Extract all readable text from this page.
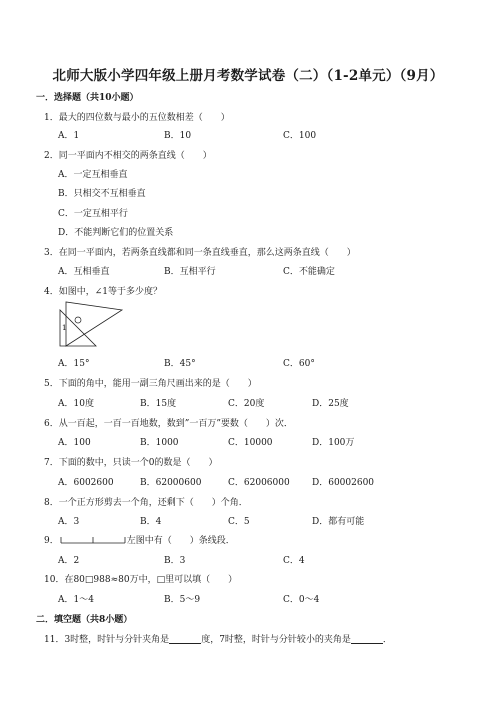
北师大版小学四年级上册月考数学试卷（二）（1-2单元）（9月）
一．选择题（共10小题）
1．最大的四位数与最小的五位数相差（　　）
A．1	B．10	C．100
2．同一平面内不相交的两条直线（　　）
A．一定互相垂直
B．只相交不互相垂直
C．一定互相平行
D．不能判断它们的位置关系
3．在同一平面内，若两条直线都和同一条直线垂直，那么这两条直线（　　）
A．互相垂直	B．互相平行	C．不能确定
4．如图中，∠1等于多少度？
1
A．15°	B．45°	C．60°
5．下面的角中，能用一副三角尺画出来的是（　　）
A．10度	B．15度	C．20度	D．25度
6．从一百起，一百一百地数，数到”一百万”要数（　　）次．
A．100	B．1000	C．10000	D．100万
7．下面的数中，只读一个0的数是（　　）
A．6002600	B．62000600	C．62006000 D．60002600
8．一个正方形剪去一个角，还剩下（　　）个角．
A．3	B．4	C．5	D．都有可能
9．	左图中有（　　）条线段．
A．2	B．3	C．4
10．在80□988≈80万中，□里可以填（　　）
A．1～4	B．5～9	C．0～4
二．填空题（共8小题）
11．3时整，时针与分针夹角是	度，7时整，时针与分针较小的夹角是	．
